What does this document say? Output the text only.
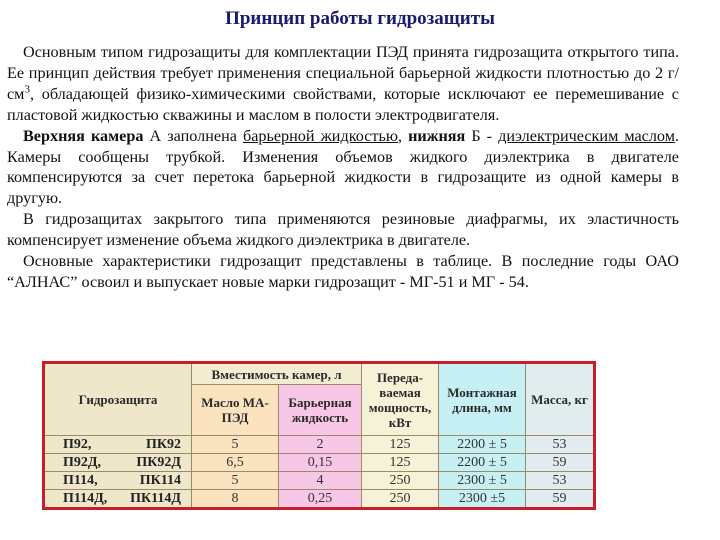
Принцип работы гидрозащиты

Основным типом гидрозащиты для комплектации ПЭД принята гидрозащита открытого типа. Ее принцип действия требует применения специальной барьерной жидкости плотностью до 2 $г/см^3$, обладающей физико-химическими свойствами, которые исключают ее перемешивание с пластовой жидкостью скважины и маслом в полости электродвигателя.

Верхняя камера А заполнена барьерной жидкостью, нижняя Б - диэлектрическим маслом. Камеры сообщены трубкой. Изменения объемов жидкого диэлектрика в двигателе компенсируются за счет перетока барьерной жидкости в гидрозащите из одной камеры в другую.

В гидрозащитах закрытого типа применяются резиновые диафрагмы, их эластичность компенсирует изменение объема жидкого диэлектрика в двигателе.

Основные характеристики гидрозащит представлены в таблице. В последние годы ОАО “АЛНАС” освоил и выпускает новые марки гидрозащит - МГ-51 и МГ - 54.

Гидрозащита	Вместимость камер, л		Переда-ваемая мощность, кВт	Монтажная длина, мм	Масса, кг
	Масло МА-ПЭД	Барьерная жидкость			

П92, ПК92	5	2	125	2200 ± 5	53

П92Д, ПК92Д	6,5	0,15	125	2200 ± 5	59

П114, ПК114	5	4	250	2300 ± 5	53

П114Д, ПК114Д	8	0,25	250	2300 ±5	59
